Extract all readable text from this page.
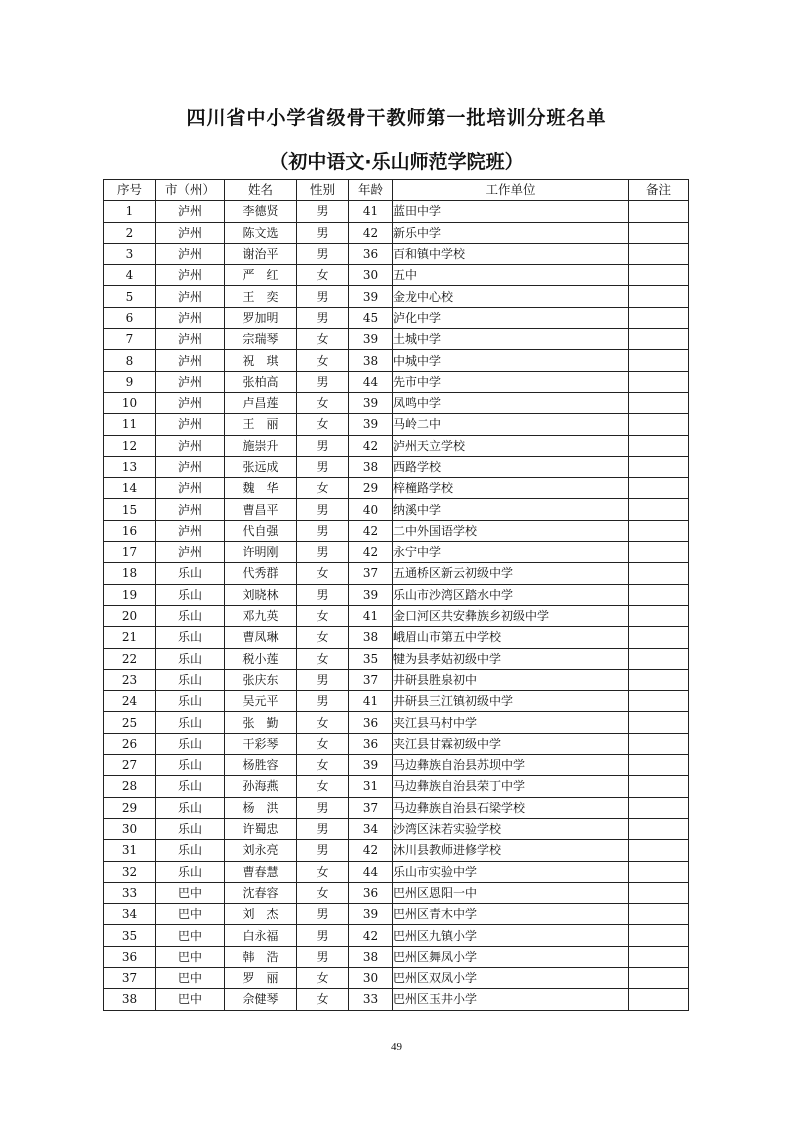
四川省中小学省级骨干教师第一批培训分班名单
（初中语文·乐山师范学院班）
序号	市（州）	姓名	性别	年龄	工作单位	备注
1	泸州	李德贤	男	41	蓝田中学	
2	泸州	陈文选	男	42	新乐中学	
3	泸州	谢治平	男	36	百和镇中学校	
4	泸州	严　红	女	30	五中	
5	泸州	王　奕	男	39	金龙中心校	
6	泸州	罗加明	男	45	泸化中学	
7	泸州	宗瑞琴	女	39	土城中学	
8	泸州	祝　琪	女	38	中城中学	
9	泸州	张柏高	男	44	先市中学	
10	泸州	卢昌莲	女	39	凤鸣中学	
11	泸州	王　丽	女	39	马岭二中	
12	泸州	施崇升	男	42	泸州天立学校	
13	泸州	张远成	男	38	西路学校	
14	泸州	魏　华	女	29	梓橦路学校	
15	泸州	曹昌平	男	40	纳溪中学	
16	泸州	代自强	男	42	二中外国语学校	
17	泸州	许明刚	男	42	永宁中学	
18	乐山	代秀群	女	37	五通桥区新云初级中学	
19	乐山	刘晓林	男	39	乐山市沙湾区踏水中学	
20	乐山	邓九英	女	41	金口河区共安彝族乡初级中学	
21	乐山	曹凤琳	女	38	峨眉山市第五中学校	
22	乐山	税小莲	女	35	犍为县孝姑初级中学	
23	乐山	张庆东	男	37	井研县胜泉初中	
24	乐山	吴元平	男	41	井研县三江镇初级中学	
25	乐山	张　勤	女	36	夹江县马村中学	
26	乐山	干彩琴	女	36	夹江县甘霖初级中学	
27	乐山	杨胜容	女	39	马边彝族自治县苏坝中学	
28	乐山	孙海燕	女	31	马边彝族自治县荣丁中学	
29	乐山	杨　洪	男	37	马边彝族自治县石梁学校	
30	乐山	许蜀忠	男	34	沙湾区沫若实验学校	
31	乐山	刘永亮	男	42	沐川县教师进修学校	
32	乐山	曹春慧	女	44	乐山市实验中学	
33	巴中	沈春容	女	36	巴州区恩阳一中	
34	巴中	刘　杰	男	39	巴州区青木中学	
35	巴中	白永福	男	42	巴州区九镇小学	
36	巴中	韩　浩	男	38	巴州区舞凤小学	
37	巴中	罗　丽	女	30	巴州区双凤小学	
38	巴中	佘健琴	女	33	巴州区玉井小学	
49
